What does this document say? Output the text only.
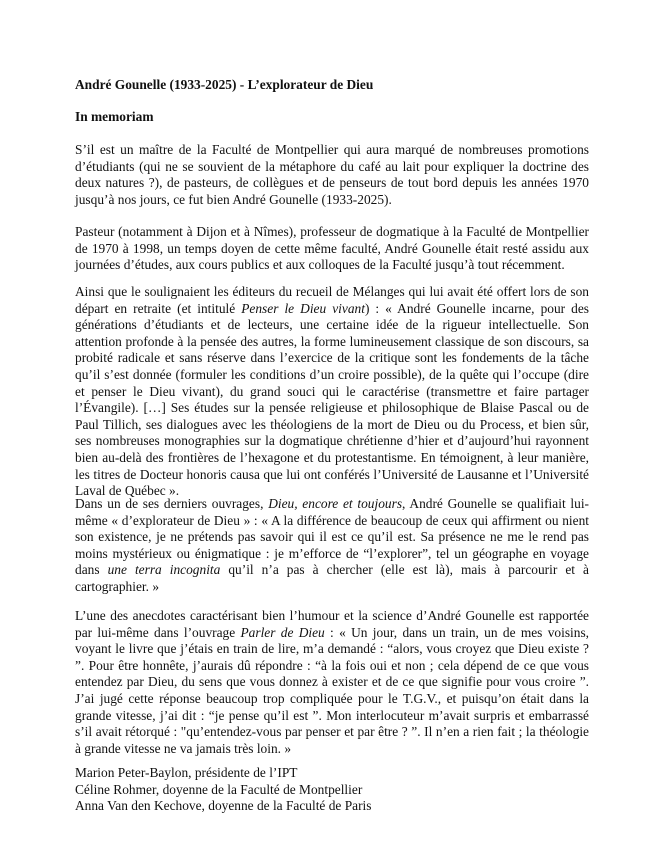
André Gounelle (1933-2025) - L’explorateur de Dieu

In memoriam

S’il est un maître de la Faculté de Montpellier qui aura marqué de nombreuses promotions d’étudiants (qui ne se souvient de la métaphore du café au lait pour expliquer la doctrine des deux natures ?), de pasteurs, de collègues et de penseurs de tout bord depuis les années 1970 jusqu’à nos jours, ce fut bien André Gounelle (1933-2025).

Pasteur (notamment à Dijon et à Nîmes), professeur de dogmatique à la Faculté de Montpellier de 1970 à 1998, un temps doyen de cette même faculté, André Gounelle était resté assidu aux journées d’études, aux cours publics et aux colloques de la Faculté jusqu’à tout récemment.

Ainsi que le soulignaient les éditeurs du recueil de Mélanges qui lui avait été offert lors de son départ en retraite (et intitulé Penser le Dieu vivant) : « André Gounelle incarne, pour des générations d’étudiants et de lecteurs, une certaine idée de la rigueur intellectuelle. Son attention profonde à la pensée des autres, la forme lumineusement classique de son discours, sa probité radicale et sans réserve dans l’exercice de la critique sont les fondements de la tâche qu’il s’est donnée (formuler les conditions d’un croire possible), de la quête qui l’occupe (dire et penser le Dieu vivant), du grand souci qui le caractérise (transmettre et faire partager l’Évangile). […] Ses études sur la pensée religieuse et philosophique de Blaise Pascal ou de Paul Tillich, ses dialogues avec les théologiens de la mort de Dieu ou du Process, et bien sûr, ses nombreuses monographies sur la dogmatique chrétienne d’hier et d’aujourd’hui rayonnent bien au-delà des frontières de l’hexagone et du protestantisme. En témoignent, à leur manière, les titres de Docteur honoris causa que lui ont conférés l’Université de Lausanne et l’Université Laval de Québec ».

Dans un de ses derniers ouvrages, Dieu, encore et toujours, André Gounelle se qualifiait lui-même « d’explorateur de Dieu » : « A la différence de beaucoup de ceux qui affirment ou nient son existence, je ne prétends pas savoir qui il est ce qu’il est. Sa présence ne me le rend pas moins mystérieux ou énigmatique : je m’efforce de “l’explorer”, tel un géographe en voyage dans une terra incognita qu’il n’a pas à chercher (elle est là), mais à parcourir et à cartographier. »

L’une des anecdotes caractérisant bien l’humour et la science d’André Gounelle est rapportée par lui-même dans l’ouvrage Parler de Dieu : « Un jour, dans un train, un de mes voisins, voyant le livre que j’étais en train de lire, m’a demandé : “alors, vous croyez que Dieu existe ? ”. Pour être honnête, j’aurais dû répondre : “à la fois oui et non ; cela dépend de ce que vous entendez par Dieu, du sens que vous donnez à exister et de ce que signifie pour vous croire ”. J’ai jugé cette réponse beaucoup trop compliquée pour le T.G.V., et puisqu’on était dans la grande vitesse, j’ai dit : “je pense qu’il est ”. Mon interlocuteur m’avait surpris et embarrassé s’il avait rétorqué : "qu’entendez-vous par penser et par être ? ”. Il n’en a rien fait ; la théologie à grande vitesse ne va jamais très loin. »

Marion Peter-Baylon, présidente de l’IPT
Céline Rohmer, doyenne de la Faculté de Montpellier
Anna Van den Kechove, doyenne de la Faculté de Paris
